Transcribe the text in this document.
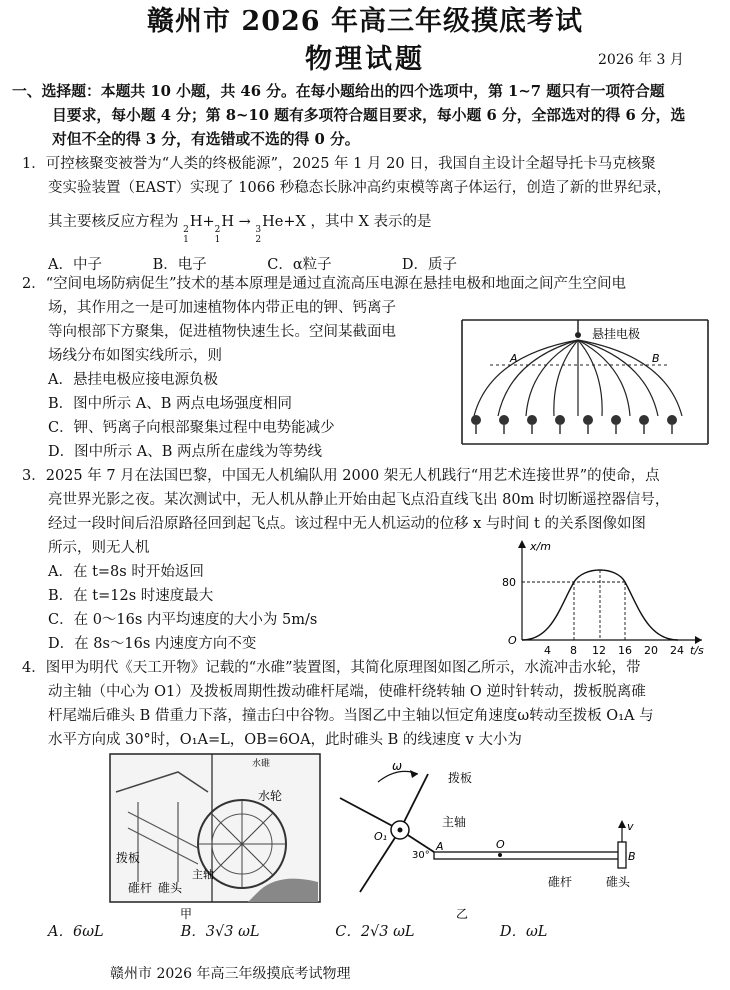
赣州市 2026 年高三年级摸底考试
物理试题	2026 年 3 月
一、选择题：本题共 10 小题，共 46 分。在每小题给出的四个选项中，第 1~7 题只有一项符合题
目要求，每小题 4 分；第 8~10 题有多项符合题目要求，每小题 6 分，全部选对的得 6 分，选
对但不全的得 3 分，有选错或不选的得 0 分。
1．可控核聚变被誉为“人类的终极能源”，2025 年 1 月 20 日，我国自主设计全超导托卡马克核聚
变实验装置（EAST）实现了 1066 秒稳态长脉冲高约束模等离子体运行，创造了新的世界纪录，
其主要核反应方程为 2
1
H+ 2
1
H → 3
2
He+X ，其中 X 表示的是
A．中子	B．电子	C．α粒子	D．质子
2．“空间电场防病促生”技术的基本原理是通过直流高压电源在悬挂电极和地面之间产生空间电
场，其作用之一是可加速植物体内带正电的钾、钙离子
等向根部下方聚集，促进植物快速生长。空间某截面电
场线分布如图实线所示，则
A．悬挂电极应接电源负极
B．图中所示 A、B 两点电场强度相同
C．钾、钙离子向根部聚集过程中电势能减少
D．图中所示 A、B 两点所在虚线为等势线
悬挂电极
A	B
3．2025 年 7 月在法国巴黎，中国无人机编队用 2000 架无人机践行“用艺术连接世界”的使命，点
亮世界光影之夜。某次测试中，无人机从静止开始由起飞点沿直线飞出 80m 时切断遥控器信号，
经过一段时间后沿原路径回到起飞点。该过程中无人机运动的位移 x 与时间 t 的关系图像如图
所示，则无人机
A．在 t=8s 时开始返回
B．在 t=12s 时速度最大
C．在 0～16s 内平均速度的大小为 5m/s
D．在 8s～16s 内速度方向不变
x/m
t/s
O
80
4 8 12 16 20 24
4．图甲为明代《天工开物》记载的“水碓”装置图，其简化原理图如图乙所示，水流冲击水轮，带
动主轴（中心为 O1）及拨板周期性拨动碓杆尾端，使碓杆绕转轴 O 逆时针转动，拨板脱离碓
杆尾端后碓头 B 借重力下落，撞击臼中谷物。当图乙中主轴以恒定角速度ω转动至拨板 O₁A 与
水平方向成 30°时，O₁A=L，OB=6OA，此时碓头 B 的线速度 v 大小为
水碓
水轮
拨板
主轴
碓杆 碓头
甲
ω
拨板
主轴
O₁
30°
A	O
v
B
碓杆	碓头
乙
A．6ωL	B．3√3 ωL	C．2√3 ωL	D．ωL
赣州市 2026 年高三年级摸底考试物理
